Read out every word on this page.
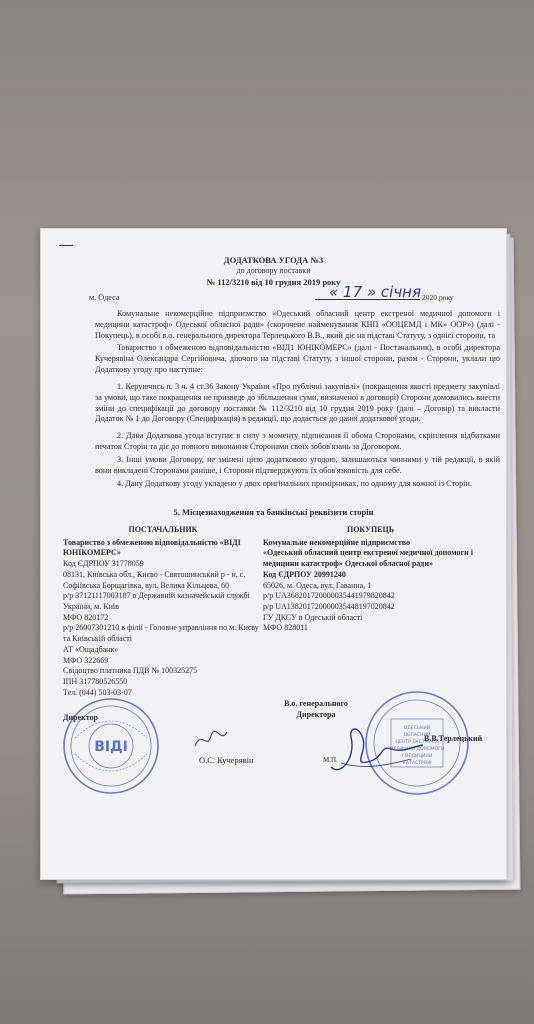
ДОДАТКОВА УГОДА №3
до договору поставки
№ 112/3210 від 10 грудня 2019 року
м. Одеса	« 17 » січня 2020 року

Комунальне некомерційне підприємство «Одеський обласний центр екстреної медичної допомоги і медицини катастроф» Одеської обласної ради» (скорочене найменування КНП «ООЦЕМД і МК» ООР») (далі - Покупець), в особі в.о. генерального директора Терлецького В.В., який діє на підставі Статуту, з однієї сторони, та

Товариство з обмеженою відповідальністю «ВІД1 ЮНІКОМЕРС» (далі - Постачальник), в особі директора Кучерявіна Олександра Сергійовича, діючого на підставі Статуту, з іншої сторони, разом - Сторони, уклали цю Додаткову угоду про наступне:

1. Керуючись п. 3 ч. 4 ст.36 Закону України «Про публічні закупівлі» (покращення якості предмету закупівлі за умови, що таке покращення не призведе до збільшення суми, визначеної в договорі) Сторони домовились внести зміни до специфікації до договору поставки № 112/3210 від 10 грудня 2019 року (далі – Договір) та викласти Додаток № 1 до Договору (Специфікація) в редакції, що додається до даної додаткової угоди.

2. Дана Додаткова угода вступає в силу з моменту підписання її обома Сторонами, скріплення відбитками печаток Сторін та діє до повного виконання Сторонами своїх зобов'язань за Договором.

3. Інші умови Договору, не змінені цією додатковою угодою, залишаються чинними у тій редакції, в якій вони викладені Сторонами раніше, і Сторони підтверджують їх обов'язковість для себе.

4. Дану Додаткову угоду укладено у двох оригінальних примірниках, по одному для кожної із Сторін.

5. Місцезнаходження та банківські реквізити сторін
ПОСТАЧАЛЬНИК
Товариство з обмеженою відповідальністю «ВІДІ ЮНІКОМЕРС»
Код ЄДРПОУ 31778059
08131, Київська обл., Києво - Святошинський р - н, с. Софіївська Борщагівка, вул. Велика Кільцева, 60
р/р 37121117003187 в Державній казначейській службі України, м. Київ
МФО 820172
р/р 26007301210 в філії - Головне управління по м. Києву та Київській області
АТ «Ощадбанк»
МФО 322669
Свідоцтво платника ПДВ № 100325275
ІПН 317780526550
Тел. (044) 503-03-07
ПОКУПЕЦЬ
Комунальне некомерційне підприємство
«Одеський обласний центр екстреної медичної допомоги і медицини катастроф» Одеської обласної ради»
Код ЄДРПОУ 20991240
65026, м. Одеса, вул. Гаванна, 1
р/р UA368201720000035441979820842
р/р UA138201720000035448197020842
ГУ ДКСУ в Одеській області
МФО 828011
В.о. генерального
Директора
ВІДІ
Директор
О.С. Кучерявін	М.П.
ОДЕСЬКИЙ
ОБЛАСНИЙ
ЦЕНТР ЕКСТРЕНОЇ
МЕДИЧНОЇ ДОПОМОГИ
І МЕДИЦИНИ
КАТАСТРОФ
В.В.Терлецький
